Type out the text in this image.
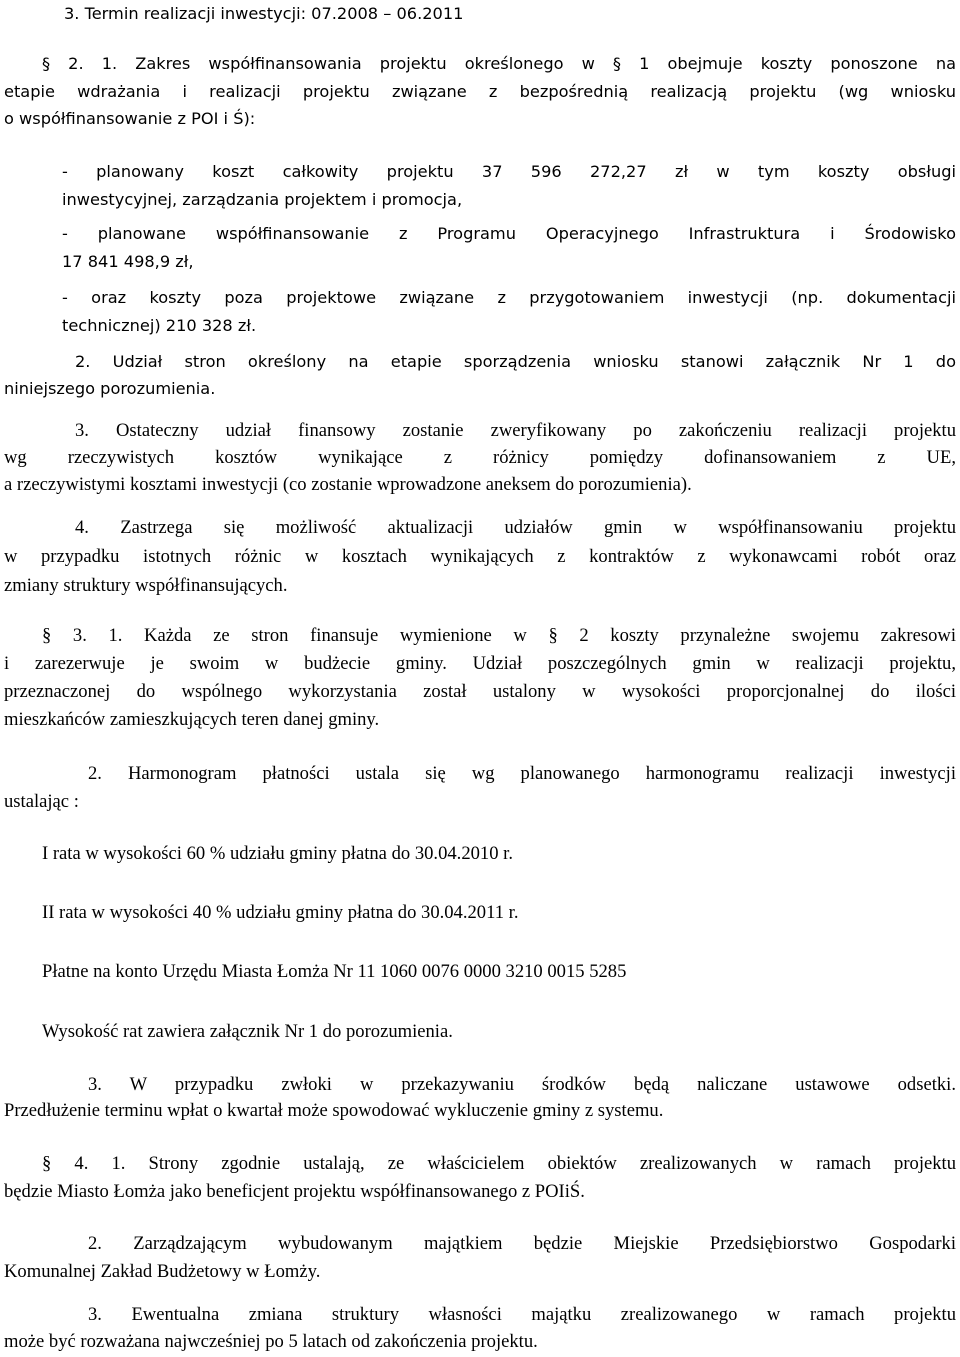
3. Termin realizacji inwestycji: 07.2008 – 06.2011
§ 2. 1. Zakres współfinansowania projektu określonego w § 1 obejmuje koszty ponoszone na
etapie wdrażania i realizacji projektu związane z bezpośrednią realizacją projektu (wg wniosku
o współfinansowanie z POI i Ś):
- planowany koszt całkowity projektu 37 596 272,27 zł w tym koszty obsługi
inwestycyjnej, zarządzania projektem i promocja,
- planowane współfinansowanie z Programu Operacyjnego Infrastruktura i Środowisko
17 841 498,9 zł,
- oraz koszty poza projektowe związane z przygotowaniem inwestycji (np. dokumentacji
technicznej) 210 328 zł.
2. Udział stron określony na etapie sporządzenia wniosku stanowi załącznik Nr 1 do
niniejszego porozumienia.
3. Ostateczny udział finansowy zostanie zweryfikowany po zakończeniu realizacji projektu
wg rzeczywistych kosztów wynikające z różnicy pomiędzy dofinansowaniem z UE,
a rzeczywistymi kosztami inwestycji (co zostanie wprowadzone aneksem do porozumienia).
4. Zastrzega się możliwość aktualizacji udziałów gmin w współfinansowaniu projektu
w przypadku istotnych różnic w kosztach wynikających z kontraktów z wykonawcami robót oraz
zmiany struktury współfinansujących.
§ 3. 1. Każda ze stron finansuje wymienione w § 2 koszty przynależne swojemu zakresowi
i zarezerwuje je swoim w budżecie gminy. Udział poszczególnych gmin w realizacji projektu,
przeznaczonej do wspólnego wykorzystania został ustalony w wysokości proporcjonalnej do ilości
mieszkańców zamieszkujących teren danej gminy.
2. Harmonogram płatności ustala się wg planowanego harmonogramu realizacji inwestycji
ustalając :
I rata w wysokości 60 % udziału gminy płatna do 30.04.2010 r.
II rata w wysokości 40 % udziału gminy płatna do 30.04.2011 r.
Płatne na konto Urzędu Miasta Łomża Nr 11 1060 0076 0000 3210 0015 5285
Wysokość rat zawiera załącznik Nr 1 do porozumienia.
3. W przypadku zwłoki w przekazywaniu środków będą naliczane ustawowe odsetki.
Przedłużenie terminu wpłat o kwartał może spowodować wykluczenie gminy z systemu.
§ 4. 1. Strony zgodnie ustalają, ze właścicielem obiektów zrealizowanych w ramach projektu
będzie Miasto Łomża jako beneficjent projektu współfinansowanego z POIiŚ.
2. Zarządzającym wybudowanym majątkiem będzie Miejskie Przedsiębiorstwo Gospodarki
Komunalnej Zakład Budżetowy w Łomży.
3. Ewentualna zmiana struktury własności majątku zrealizowanego w ramach projektu
może być rozważana najwcześniej po 5 latach od zakończenia projektu.
